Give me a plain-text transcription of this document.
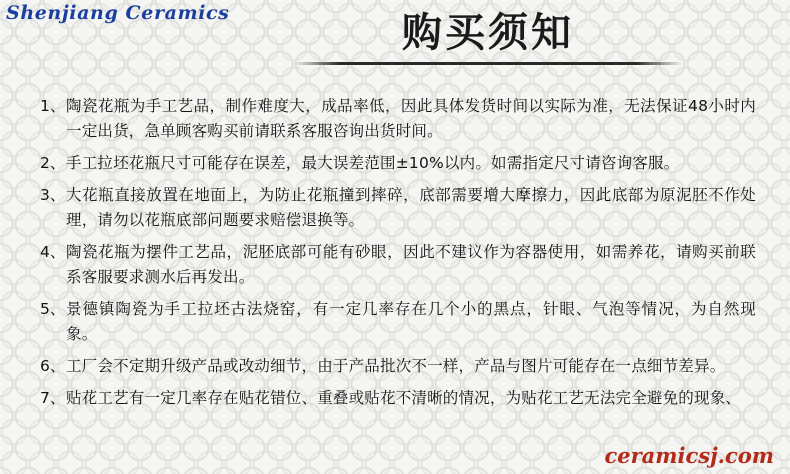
Shenjiang Ceramics	购买须知
1、 陶瓷花瓶为手工艺品，制作难度大，成品率低，因此具体发货时间以实际为准，无法保证48小时内一定出货，急单顾客购买前请联系客服咨询出货时间。
2、 手工拉坯花瓶尺寸可能存在误差，最大误差范围±10%以内。如需指定尺寸请咨询客服。
3、 大花瓶直接放置在地面上，为防止花瓶撞到摔碎，底部需要增大摩擦力，因此底部为原泥胚不作处理，请勿以花瓶底部问题要求赔偿退换等。
4、 陶瓷花瓶为摆件工艺品，泥胚底部可能有砂眼，因此不建议作为容器使用，如需养花，请购买前联系客服要求测水后再发出。
5、 景德镇陶瓷为手工拉坯古法烧窑，有一定几率存在几个小的黑点，针眼、气泡等情况，为自然现象。
6、 工厂会不定期升级产品或改动细节，由于产品批次不一样，产品与图片可能存在一点细节差异。
7、 贴花工艺有一定几率存在贴花错位、重叠或贴花不清晰的情况，为贴花工艺无法完全避免的现象、
ceramicsj.com
